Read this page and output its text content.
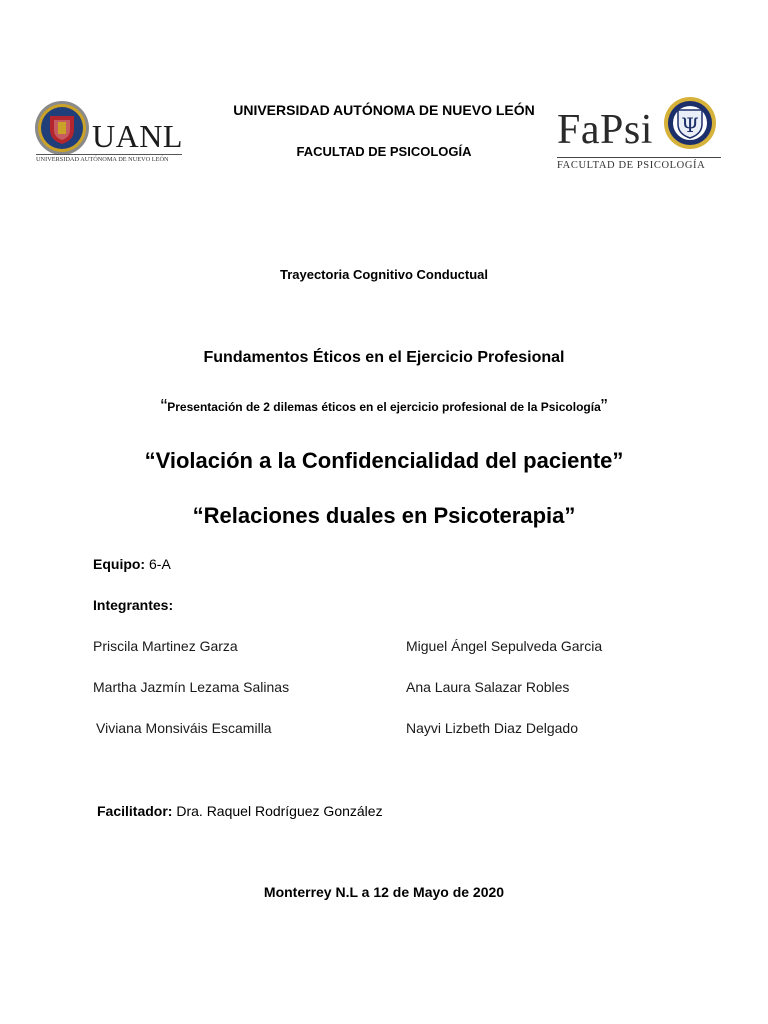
UANL
UNIVERSIDAD AUTÓNOMA DE NUEVO LEÓN
FaPsi Ψ
FACULTAD DE PSICOLOGÍA
UNIVERSIDAD AUTÓNOMA DE NUEVO LEÓN
FACULTAD DE PSICOLOGÍA
Trayectoria Cognitivo Conductual
Fundamentos Éticos en el Ejercicio Profesional
“Presentación de 2 dilemas éticos en el ejercicio profesional de la Psicología”
“Violación a la Confidencialidad del paciente”
“Relaciones duales en Psicoterapia”
Equipo: 6-A
Integrantes:
Priscila Martinez Garza
Martha Jazmín Lezama Salinas
Viviana Monsiváis Escamilla
Miguel Ángel Sepulveda Garcia
Ana Laura Salazar Robles
Nayvi Lizbeth Diaz Delgado
Facilitador: Dra. Raquel Rodríguez González
Monterrey N.L a 12 de Mayo de 2020
